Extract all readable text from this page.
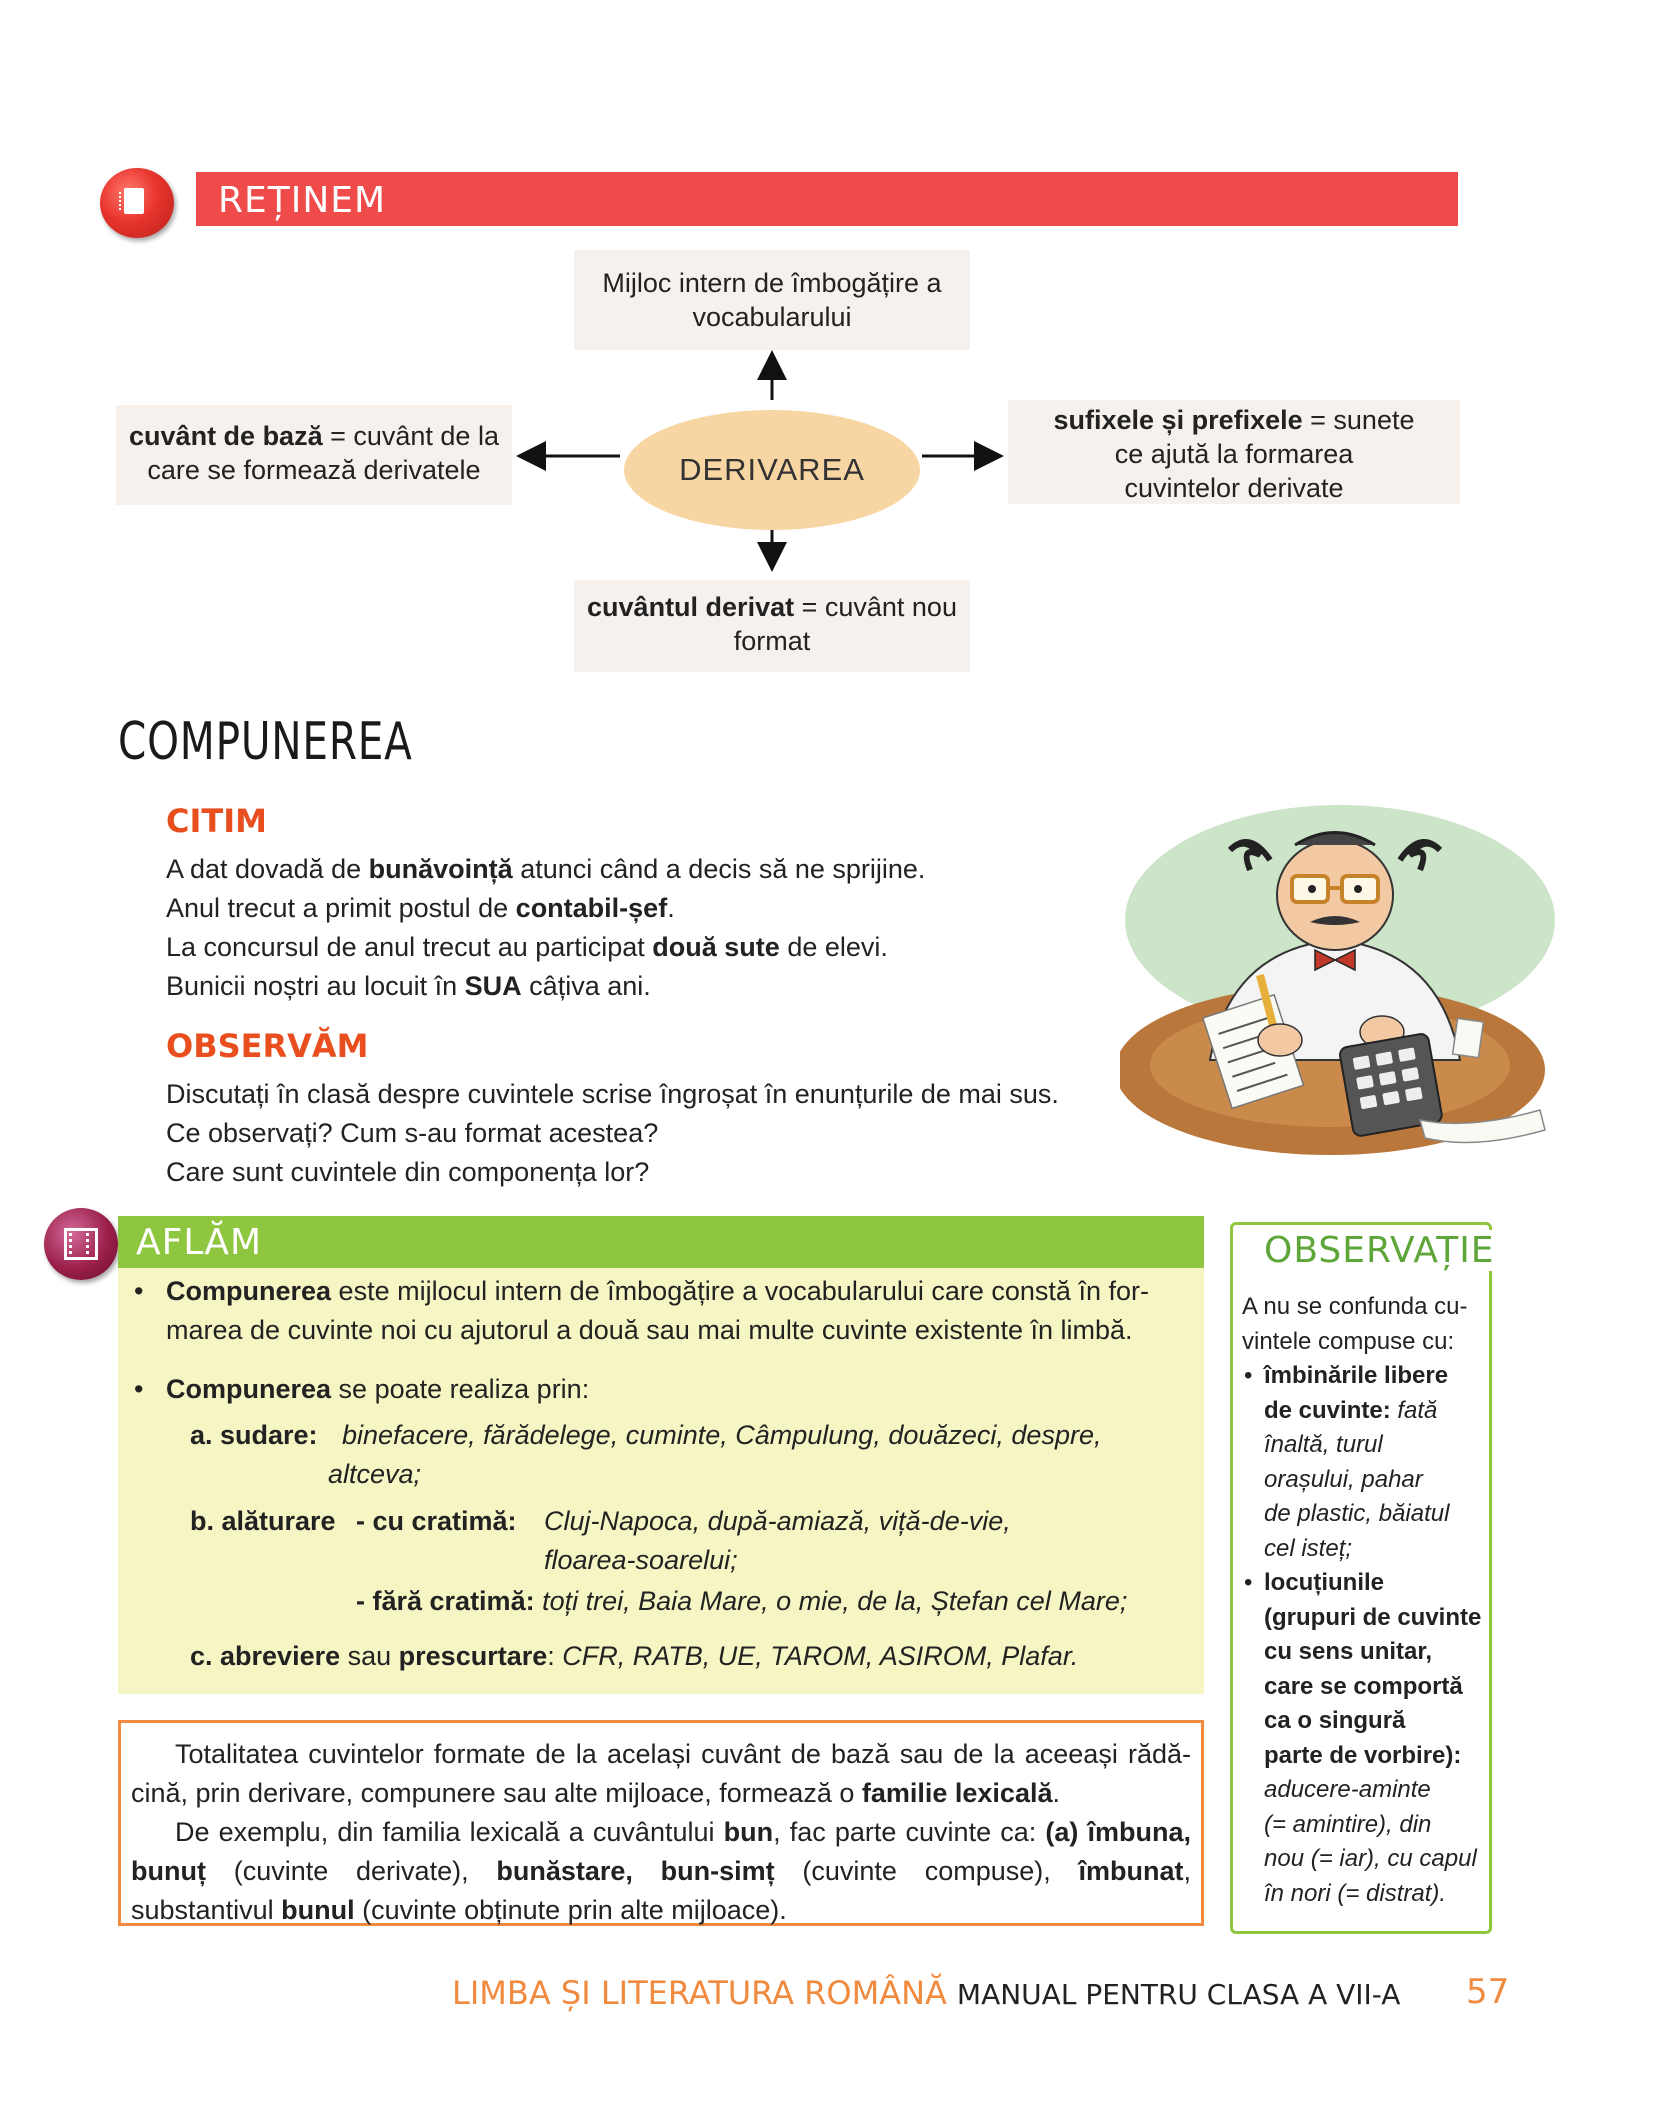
REȚINEM
Mijloc intern de îmbogățire a
vocabularului
cuvânt de bază = cuvânt de la
care se formează derivatele	DERIVAREA
sufixele și prefixele = sunete
ce ajută la formarea
cuvintelor derivate
cuvântul derivat = cuvânt nou
format
COMPUNEREA
CITIM
A dat dovadă de bunăvoință atunci când a decis să ne sprijine.
Anul trecut a primit postul de contabil-șef.
La concursul de anul trecut au participat două sute de elevi.
Bunicii noștri au locuit în SUA câțiva ani.
OBSERVĂM
Discutați în clasă despre cuvintele scrise îngroșat în enunțurile de mai sus.
Ce observați? Cum s-au format acestea?
Care sunt cuvintele din componența lor?
AFLĂM
• Compunerea este mijlocul intern de îmbogățire a vocabularului care constă în for-
marea de cuvinte noi cu ajutorul a două sau mai multe cuvinte existente în limbă.
• Compunerea se poate realiza prin:
a. sudare: binefacere, fărădelege, cuminte, Câmpulung, douăzeci, despre,
altceva;
b. alăturare - cu cratimă: Cluj-Napoca, după-amiază, viță-de-vie,
floarea-soarelui;
- fără cratimă: toți trei, Baia Mare, o mie, de la, Ștefan cel Mare;
c. abreviere sau prescurtare: CFR, RATB, UE, TAROM, ASIROM, Plafar.

Totalitatea cuvintelor formate de la același cuvânt de bază sau de la aceeași rădă-cină, prin derivare, compunere sau alte mijloace, formează o familie lexicală.

De exemplu, din familia lexicală a cuvântului bun, fac parte cuvinte ca: (a) îmbuna, bunuț (cuvinte derivate), bunăstare, bun-simț (cuvinte compuse), îmbunat, substantivul bunul (cuvinte obținute prin alte mijloace).

OBSERVAȚIE
A nu se confunda cu-
vintele compuse cu:
• îmbinările libere
de cuvinte: fată
înaltă, turul
orașului, pahar
de plastic, băiatul
cel isteț;
• locuțiunile
(grupuri de cuvinte
cu sens unitar,
care se comportă
ca o singură
parte de vorbire):
aducere-aminte
(= amintire), din
nou (= iar), cu capul
în nori (= distrat).
LIMBA ȘI LITERATURA ROMÂNĂ MANUAL PENTRU CLASA A VII-A 57
